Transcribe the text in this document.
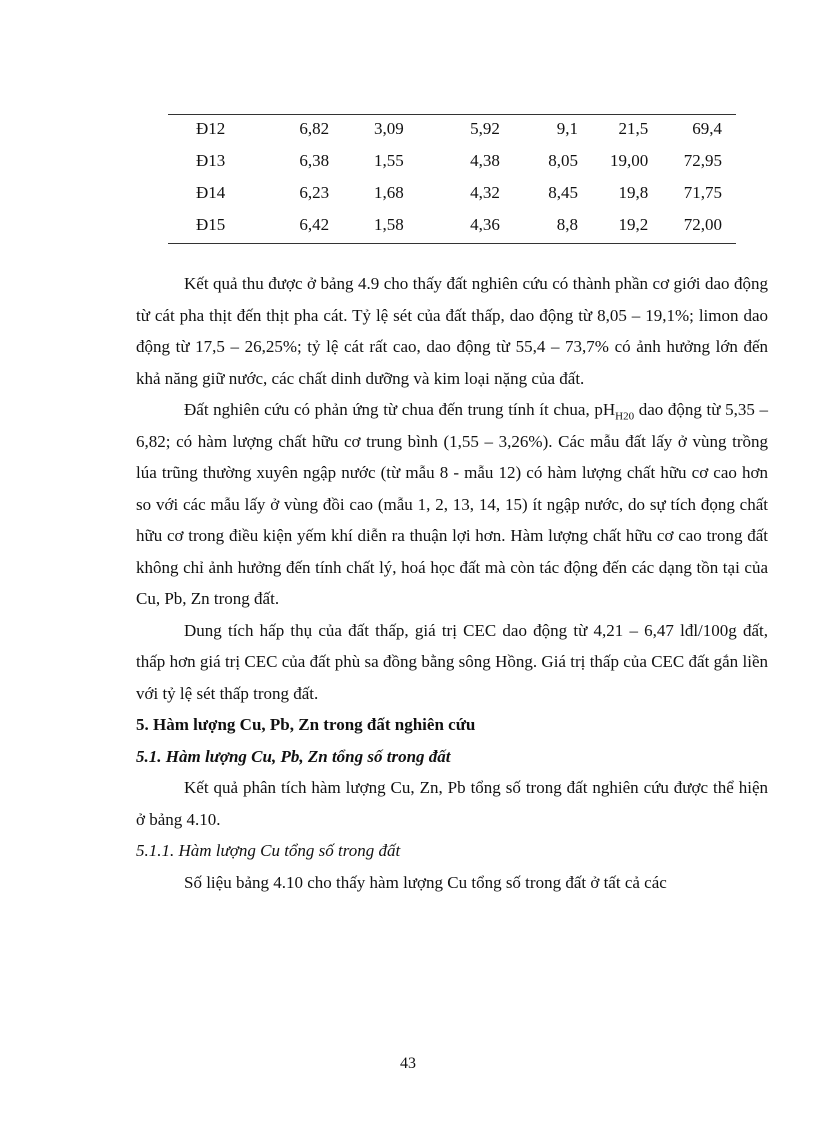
Đ12	6,82	3,09	5,92	9,1	21,5	69,4
Đ13	6,38	1,55	4,38	8,05	19,00	72,95
Đ14	6,23	1,68	4,32	8,45	19,8	71,75
Đ15	6,42	1,58	4,36	8,8	19,2	72,00

Kết quả thu được ở bảng 4.9 cho thấy đất nghiên cứu có thành phần cơ giới dao động từ cát pha thịt đến thịt pha cát. Tỷ lệ sét của đất thấp, dao động từ 8,05 – 19,1%; limon dao động từ 17,5 – 26,25%; tỷ lệ cát rất cao, dao động từ 55,4 – 73,7% có ảnh hưởng lớn đến khả năng giữ nước, các chất dinh dưỡng và kim loại nặng của đất.

Đất nghiên cứu có phản ứng từ chua đến trung tính ít chua, $pH_{H20}$ dao động từ 5,35 – 6,82; có hàm lượng chất hữu cơ trung bình (1,55 – 3,26%). Các mẫu đất lấy ở vùng trồng lúa trũng thường xuyên ngập nước (từ mẫu 8 - mẫu 12) có hàm lượng chất hữu cơ cao hơn so với các mẫu lấy ở vùng đồi cao (mẫu 1, 2, 13, 14, 15) ít ngập nước, do sự tích đọng chất hữu cơ trong điều kiện yếm khí diễn ra thuận lợi hơn. Hàm lượng chất hữu cơ cao trong đất không chỉ ảnh hưởng đến tính chất lý, hoá học đất mà còn tác động đến các dạng tồn tại của Cu, Pb, Zn trong đất.

Dung tích hấp thụ của đất thấp, giá trị CEC dao động từ 4,21 – 6,47 lđl/100g đất, thấp hơn giá trị CEC của đất phù sa đồng bằng sông Hồng. Giá trị thấp của CEC đất gắn liền với tỷ lệ sét thấp trong đất.

5. Hàm lượng Cu, Pb, Zn trong đất nghiên cứu

5.1. Hàm lượng Cu, Pb, Zn tổng số trong đất

Kết quả phân tích hàm lượng Cu, Zn, Pb tổng số trong đất nghiên cứu được thể hiện ở bảng 4.10.

5.1.1. Hàm lượng Cu tổng số trong đất

Số liệu bảng 4.10 cho thấy hàm lượng Cu tổng số trong đất ở tất cả các

43
